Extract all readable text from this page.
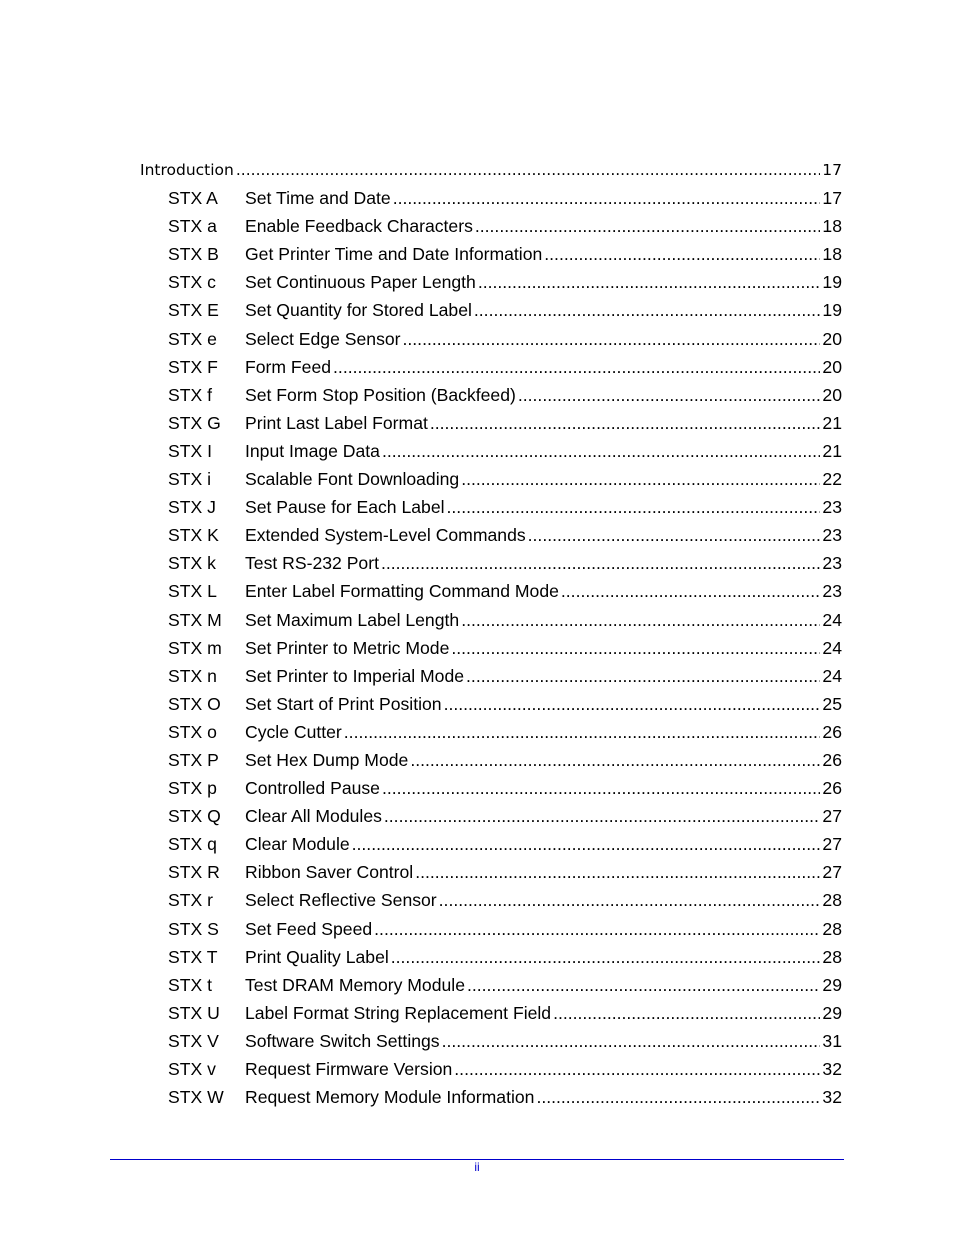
Introduction .....	17
STX A	Set Time and Date .....	17
STX a	Enable Feedback Characters .....	18
STX B	Get Printer Time and Date Information .....	18
STX c	Set Continuous Paper Length .....	19
STX E	Set Quantity for Stored Label .....	19
STX e	Select Edge Sensor .....	20
STX F	Form Feed .....	20
STX f	Set Form Stop Position (Backfeed) .....	20
STX G	Print Last Label Format .....	21
STX I	Input Image Data .....	21
STX i	Scalable Font Downloading .....	22
STX J	Set Pause for Each Label .....	23
STX K	Extended System-Level Commands .....	23
STX k	Test RS-232 Port .....	23
STX L	Enter Label Formatting Command Mode .....	23
STX M	Set Maximum Label Length .....	24
STX m	Set Printer to Metric Mode .....	24
STX n	Set Printer to Imperial Mode .....	24
STX O	Set Start of Print Position .....	25
STX o	Cycle Cutter .....	26
STX P	Set Hex Dump Mode .....	26
STX p	Controlled Pause .....	26
STX Q	Clear All Modules .....	27
STX q	Clear Module .....	27
STX R	Ribbon Saver Control .....	27
STX r	Select Reflective Sensor .....	28
STX S	Set Feed Speed .....	28
STX T	Print Quality Label .....	28
STX t	Test DRAM Memory Module .....	29
STX U	Label Format String Replacement Field .....	29
STX V	Software Switch Settings .....	31
STX v	Request Firmware Version .....	32
STX W	Request Memory Module Information .....	32
ii
